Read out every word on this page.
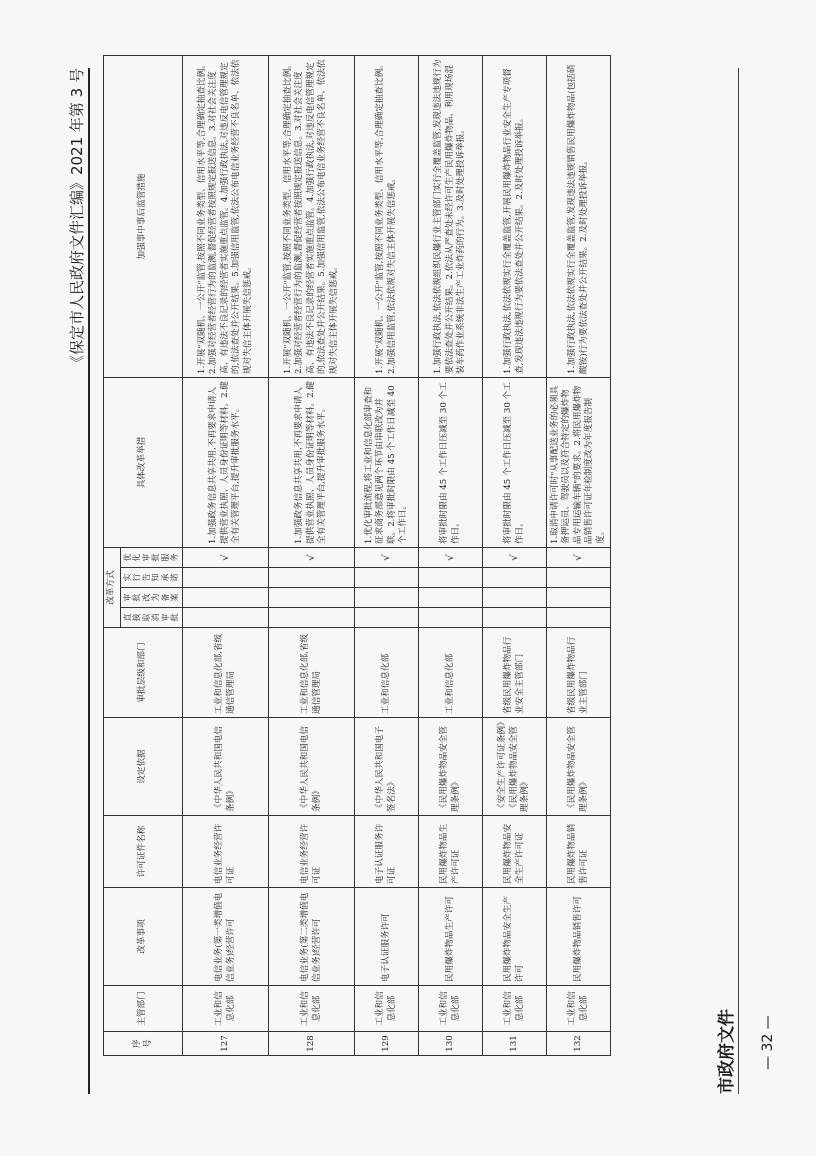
市政府文件
《保定市人民政府文件汇编》2021 年第 3 号
序号	主管部门	改革事项	许可证件名称	设定依据	审批层级和部门	改革方式				具体改革举措	加强事中事后监管措施
						直接取消审批	审批改为备案	实行告知承诺	优化审批服务		
127	工业和信息化部	电信业务(第一类增值电信业务)经营许可	电信业务经营许可证	《中华人民共和国电信条例》	工业和信息化部,省级通信管理局				√	1.加强政务信息共享共用,不再要求申请人提供营业执照、人员身份证明等材料。2.健全有关管理平台,提升审批服务水平。	1.开展"双随机、一公开"监管,按照不同业务类型、信用水平等,合理确定抽查比例。2.加强对经营者经营行为的监测,督促经营者按照规定报送信息。3.对社会关注度高、有违法不良记录的经营者实施重点监管。4.加强行政执法,对违反电信管理规定的,依法查处并公开结果。5.加强信用监管,依法公布电信业务经营不良名单、依法依规对失信主体开展失信惩戒。
128	工业和信息化部	电信业务(第二类增值电信业务)经营许可	电信业务经营许可证	《中华人民共和国电信条例》	工业和信息化部,省级通信管理局				√	1.加强政务信息共享共用,不再要求申请人提供营业执照、人员身份证明等材料。2.健全有关管理平台,提升审批服务水平。	1.开展"双随机、一公开"监管,按照不同业务类型、信用水平等,合理确定抽查比例。2.加强对经营者经营行为的监测,督促经营者按照规定报送信息。3.对社会关注度高、有违法不良记录的经营者实施重点监管。4.加强行政执法,对违反电信管理规定的,依法查处并公开结果。5.加强信用监管,依法公布电信业务经营不良名单、依法依规对失信主体开展失信惩戒。
129	工业和信息化部	电子认证服务许可	电子认证服务许可证	《中华人民共和国电子签名法》	工业和信息化部				√	1.优化审批流程,将工业和信息化部审查和征求商务部意见两个环节由串联改为并联。2.将审批时限由 45 个工作日减至 40 个工作日。	1.开展"双随机、一公开"监管,按照不同业务类型、信用水平等,合理确定抽查比例。2.加强信用监管,依法依规对失信主体开展失信惩戒。
130	工业和信息化部	民用爆炸物品生产许可	民用爆炸物品生产许可证	《民用爆炸物品安全管理条例》	工业和信息化部				√	将审批时限由 45 个工作日压减至 30 个工作日。	1.加强行政执法,依法依规组织民爆行业主管部门实行全覆盖监管,发现违法违规行为要依法查处并公开结果。2.依法从严查处未经许可生产民用爆炸物品、利用现场混装车药作业系统非法生产工业炸药的行为。3.及时处理投诉举报。
131	工业和信息化部	民用爆炸物品安全生产许可	民用爆炸物品安全生产许可证	《安全生产许可证条例》《民用爆炸物品安全管理条例》	省级民用爆炸物品行业安全主管部门				√	将审批时限由 45 个工作日压减至 30 个工作日。	1.加强行政执法,依法依规实行全覆盖监管,开展民用爆炸物品行业安全生产专项督查,发现违法违规行为要依法查处并公开结果。2.及时处理投诉举报。
132	工业和信息化部	民用爆炸物品销售许可	民用爆炸物品销售许可证	《民用爆炸物品安全管理条例》	省级民用爆炸物品行业主管部门				√	1.取消申请许可时"从事配送业务的必须具备押运员、驾驶员以及符合特定的爆炸物品专用运输车辆"的要求。2.将民用爆炸物品销售许可证年检制度改为年度报告制度。	1.加强行政执法,依法依规实行全覆盖监管,发现违法违规销售民用爆炸物品(包括硝酸铵)行为要依法查处并公开结果。2.及时处理投诉举报。
— 32 —
